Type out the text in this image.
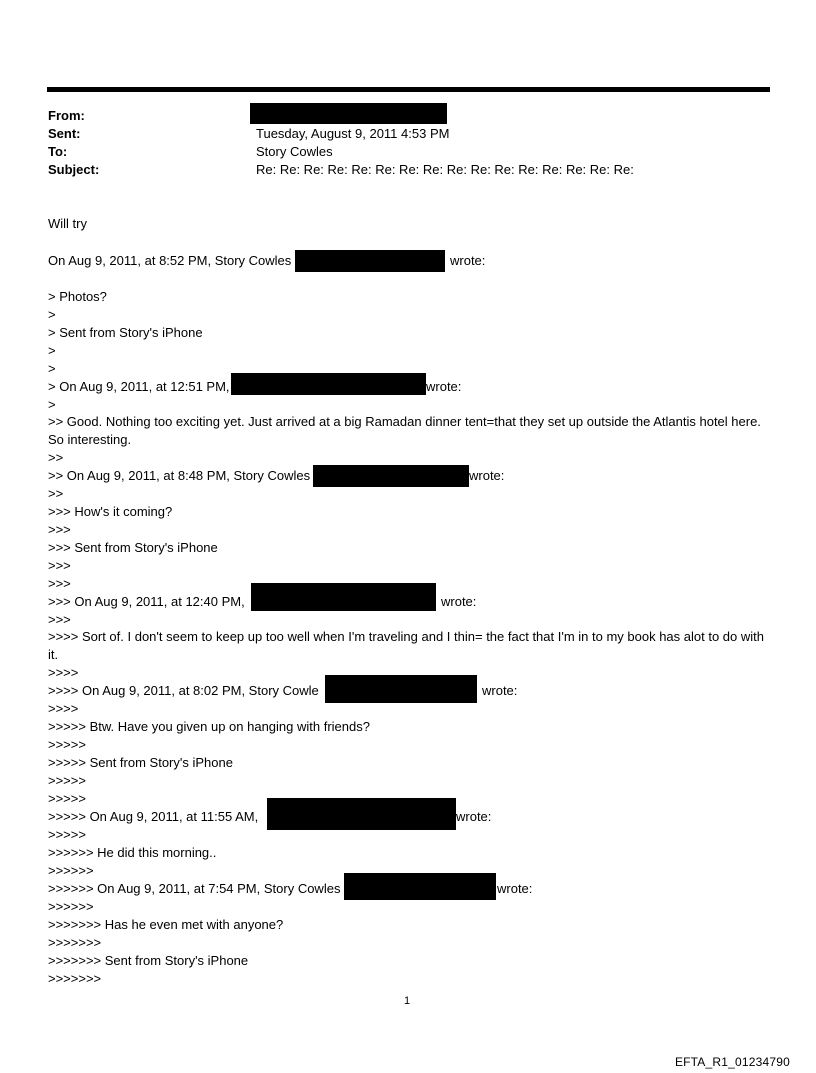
From:
Sent:	Tuesday, August 9, 2011 4:53 PM
To:	Story Cowles
Subject:	Re: Re: Re: Re: Re: Re: Re: Re: Re: Re: Re: Re: Re: Re: Re: Re:
Will try
On Aug 9, 2011, at 8:52 PM, Story Cowles	wrote:
> Photos?
>
> Sent from Story's iPhone
>
>
> On Aug 9, 2011, at 12:51 PM,	wrote:
>
>> Good. Nothing too exciting yet. Just arrived at a big Ramadan dinner tent=that they set up outside the Atlantis hotel here. So interesting.
>>
>> On Aug 9, 2011, at 8:48 PM, Story Cowles	wrote:
>>
>>> How's it coming?
>>>
>>> Sent from Story's iPhone
>>>
>>>
>>> On Aug 9, 2011, at 12:40 PM,	wrote:
>>>
>>>> Sort of. I don't seem to keep up too well when I'm traveling and I thin= the fact that I'm in to my book has alot to do with it.
>>>>
>>>> On Aug 9, 2011, at 8:02 PM, Story Cowle	wrote:
>>>>
>>>>> Btw. Have you given up on hanging with friends?
>>>>>
>>>>> Sent from Story's iPhone
>>>>>
>>>>>
>>>>> On Aug 9, 2011, at 11:55 AM,	wrote:
>>>>>
>>>>>> He did this morning..
>>>>>>
>>>>>> On Aug 9, 2011, at 7:54 PM, Story Cowles	wrote:
>>>>>>
>>>>>>> Has he even met with anyone?
>>>>>>>
>>>>>>> Sent from Story's iPhone
>>>>>>>
1
EFTA_R1_01234790
